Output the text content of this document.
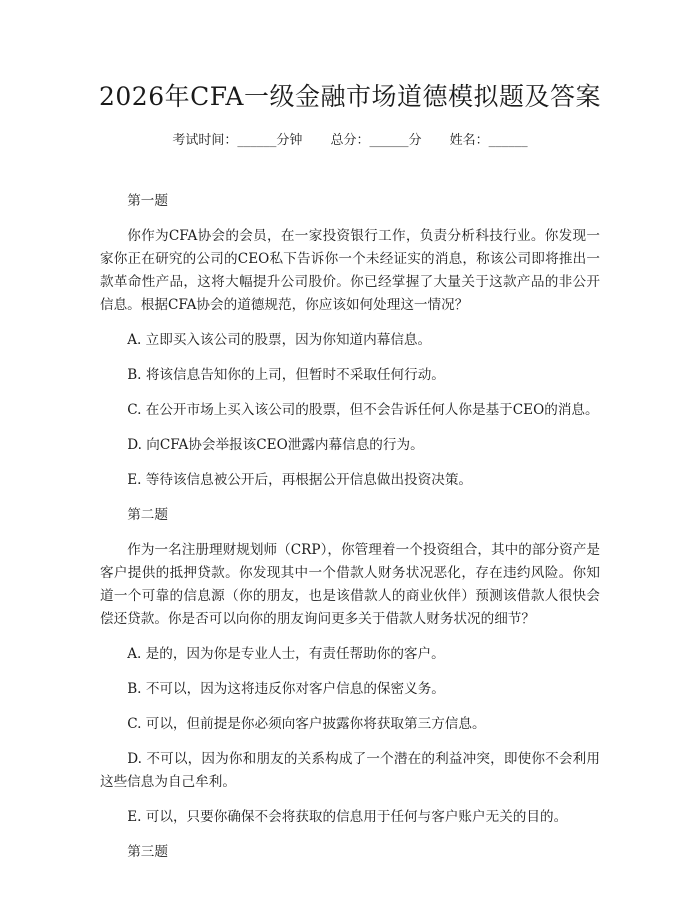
2026年CFA一级金融市场道德模拟题及答案
考试时间：______分钟 总分：______分 姓名：______

第一题

你作为CFA协会的会员，在一家投资银行工作，负责分析科技行业。你发现一家你正在研究的公司的CEO私下告诉你一个未经证实的消息，称该公司即将推出一款革命性产品，这将大幅提升公司股价。你已经掌握了大量关于这款产品的非公开信息。根据CFA协会的道德规范，你应该如何处理这一情况？

A. 立即买入该公司的股票，因为你知道内幕信息。

B. 将该信息告知你的上司，但暂时不采取任何行动。

C. 在公开市场上买入该公司的股票，但不会告诉任何人你是基于CEO的消息。

D. 向CFA协会举报该CEO泄露内幕信息的行为。

E. 等待该信息被公开后，再根据公开信息做出投资决策。

第二题

作为一名注册理财规划师（CRP），你管理着一个投资组合，其中的部分资产是客户提供的抵押贷款。你发现其中一个借款人财务状况恶化，存在违约风险。你知道一个可靠的信息源（你的朋友，也是该借款人的商业伙伴）预测该借款人很快会偿还贷款。你是否可以向你的朋友询问更多关于借款人财务状况的细节？

A. 是的，因为你是专业人士，有责任帮助你的客户。

B. 不可以，因为这将违反你对客户信息的保密义务。

C. 可以，但前提是你必须向客户披露你将获取第三方信息。

D. 不可以，因为你和朋友的关系构成了一个潜在的利益冲突，即使你不会利用这些信息为自己牟利。

E. 可以，只要你确保不会将获取的信息用于任何与客户账户无关的目的。

第三题
